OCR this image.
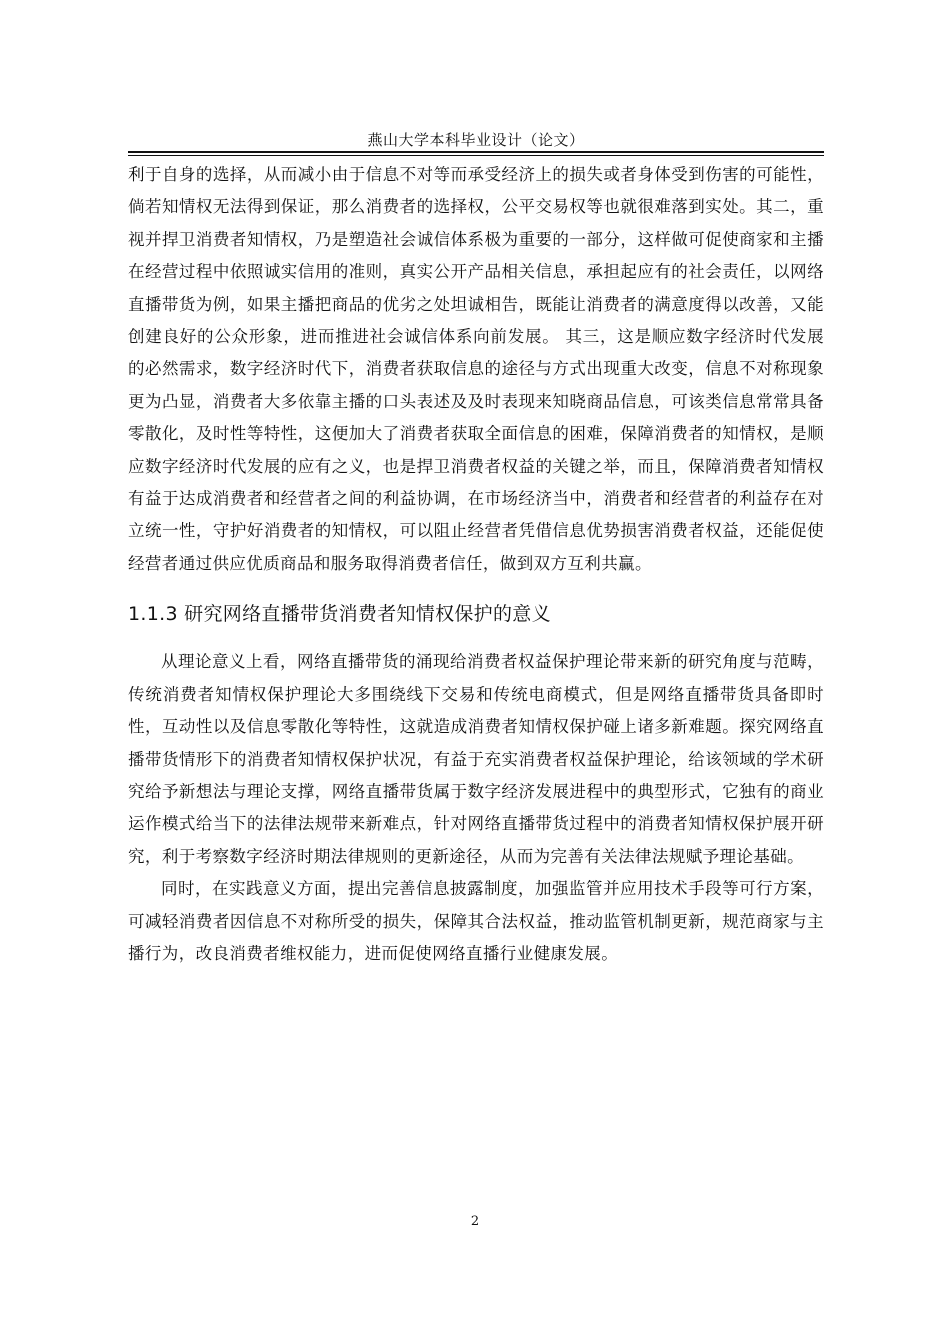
燕山大学本科毕业设计（论文）

利于自身的选择，从而减小由于信息不对等而承受经济上的损失或者身体受到伤害的可能性，倘若知情权无法得到保证，那么消费者的选择权，公平交易权等也就很难落到实处。其二，重视并捍卫消费者知情权，乃是塑造社会诚信体系极为重要的一部分，这样做可促使商家和主播在经营过程中依照诚实信用的准则，真实公开产品相关信息，承担起应有的社会责任，以网络直播带货为例，如果主播把商品的优劣之处坦诚相告，既能让消费者的满意度得以改善，又能创建良好的公众形象，进而推进社会诚信体系向前发展。 其三，这是顺应数字经济时代发展的必然需求，数字经济时代下，消费者获取信息的途径与方式出现重大改变，信息不对称现象更为凸显，消费者大多依靠主播的口头表述及及时表现来知晓商品信息，可该类信息常常具备零散化，及时性等特性，这便加大了消费者获取全面信息的困难，保障消费者的知情权，是顺应数字经济时代发展的应有之义，也是捍卫消费者权益的关键之举，而且，保障消费者知情权有益于达成消费者和经营者之间的利益协调，在市场经济当中，消费者和经营者的利益存在对立统一性，守护好消费者的知情权，可以阻止经营者凭借信息优势损害消费者权益，还能促使经营者通过供应优质商品和服务取得消费者信任，做到双方互利共赢。

1.1.3 研究网络直播带货消费者知情权保护的意义

从理论意义上看，网络直播带货的涌现给消费者权益保护理论带来新的研究角度与范畴，传统消费者知情权保护理论大多围绕线下交易和传统电商模式，但是网络直播带货具备即时性，互动性以及信息零散化等特性，这就造成消费者知情权保护碰上诸多新难题。探究网络直播带货情形下的消费者知情权保护状况，有益于充实消费者权益保护理论，给该领域的学术研究给予新想法与理论支撑，网络直播带货属于数字经济发展进程中的典型形式，它独有的商业运作模式给当下的法律法规带来新难点，针对网络直播带货过程中的消费者知情权保护展开研究，利于考察数字经济时期法律规则的更新途径，从而为完善有关法律法规赋予理论基础。

同时，在实践意义方面，提出完善信息披露制度，加强监管并应用技术手段等可行方案，可减轻消费者因信息不对称所受的损失，保障其合法权益，推动监管机制更新，规范商家与主播行为，改良消费者维权能力，进而促使网络直播行业健康发展。

2
